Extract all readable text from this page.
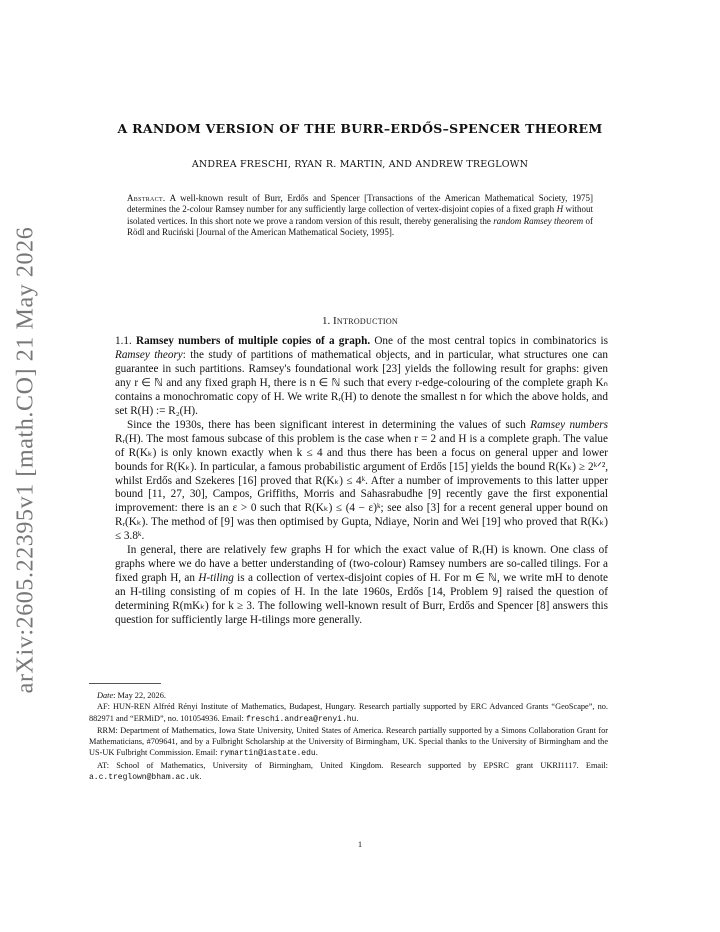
arXiv:2605.22395v1 [math.CO] 21 May 2026
A RANDOM VERSION OF THE BURR–ERDŐS–SPENCER THEOREM
ANDREA FRESCHI, RYAN R. MARTIN, AND ANDREW TREGLOWN
Abstract. A well-known result of Burr, Erdős and Spencer [Transactions of the American Mathematical Society, 1975] determines the 2-colour Ramsey number for any sufficiently large collection of vertex-disjoint copies of a fixed graph H without isolated vertices. In this short note we prove a random version of this result, thereby generalising the random Ramsey theorem of Rödl and Ruciński [Journal of the American Mathematical Society, 1995].
1. Introduction

1.1. Ramsey numbers of multiple copies of a graph. One of the most central topics in combinatorics is Ramsey theory: the study of partitions of mathematical objects, and in particular, what structures one can guarantee in such partitions. Ramsey's foundational work [23] yields the following result for graphs: given any r ∈ ℕ and any fixed graph H, there is n ∈ ℕ such that every r-edge-colouring of the complete graph Kₙ contains a monochromatic copy of H. We write Rᵣ(H) to denote the smallest n for which the above holds, and set R(H) := R₂(H).

Since the 1930s, there has been significant interest in determining the values of such Ramsey numbers Rᵣ(H). The most famous subcase of this problem is the case when r = 2 and H is a complete graph. The value of R(Kₖ) is only known exactly when k ≤ 4 and thus there has been a focus on general upper and lower bounds for R(Kₖ). In particular, a famous probabilistic argument of Erdős [15] yields the bound R(Kₖ) ≥ 2ᵏᐟ², whilst Erdős and Szekeres [16] proved that R(Kₖ) ≤ 4ᵏ. After a number of improvements to this latter upper bound [11, 27, 30], Campos, Griffiths, Morris and Sahasrabudhe [9] recently gave the first exponential improvement: there is an ε > 0 such that R(Kₖ) ≤ (4 − ε)ᵏ; see also [3] for a recent general upper bound on Rᵣ(Kₖ). The method of [9] was then optimised by Gupta, Ndiaye, Norin and Wei [19] who proved that R(Kₖ) ≤ 3.8ᵏ.

In general, there are relatively few graphs H for which the exact value of Rᵣ(H) is known. One class of graphs where we do have a better understanding of (two-colour) Ramsey numbers are so-called tilings. For a fixed graph H, an H-tiling is a collection of vertex-disjoint copies of H. For m ∈ ℕ, we write mH to denote an H-tiling consisting of m copies of H. In the late 1960s, Erdős [14, Problem 9] raised the question of determining R(mKₖ) for k ≥ 3. The following well-known result of Burr, Erdős and Spencer [8] answers this question for sufficiently large H-tilings more generally.

Date: May 22, 2026.

AF: HUN-REN Alfréd Rényi Institute of Mathematics, Budapest, Hungary. Research partially supported by ERC Advanced Grants “GeoScape”, no. 882971 and “ERMiD”, no. 101054936. Email: freschi.andrea@renyi.hu.

RRM: Department of Mathematics, Iowa State University, United States of America. Research partially supported by a Simons Collaboration Grant for Mathematicians, #709641, and by a Fulbright Scholarship at the University of Birmingham, UK. Special thanks to the University of Birmingham and the US-UK Fulbright Commission. Email: rymartin@iastate.edu.

AT: School of Mathematics, University of Birmingham, United Kingdom. Research supported by EPSRC grant UKRI1117. Email: a.c.treglown@bham.ac.uk.

1
